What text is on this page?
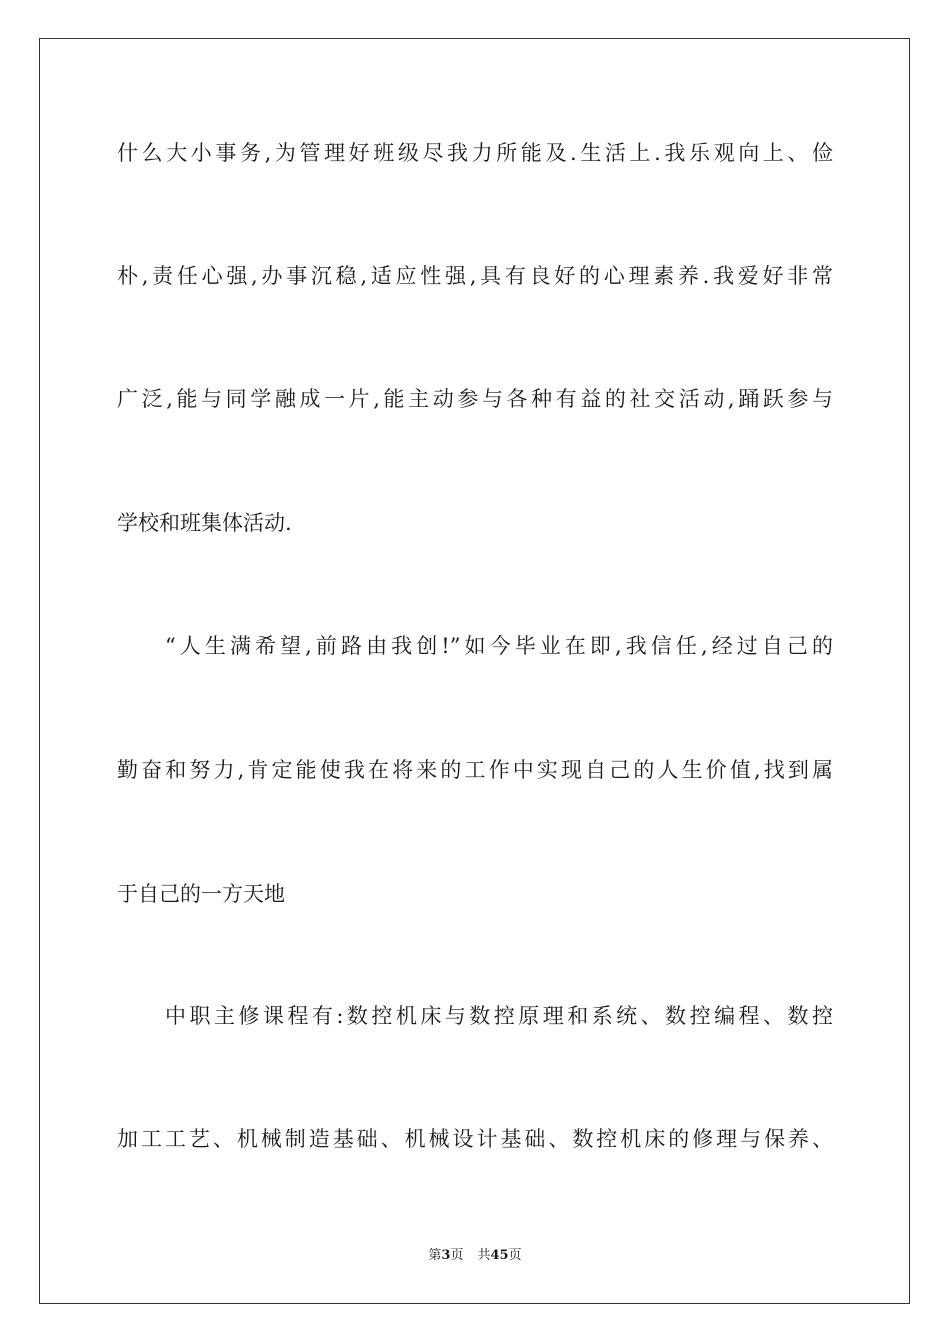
什么大小事务,为管理好班级尽我力所能及.生活上.我乐观向上、俭
朴,责任心强,办事沉稳,适应性强,具有良好的心理素养.我爱好非常
广泛,能与同学融成一片,能主动参与各种有益的社交活动,踊跃参与
学校和班集体活动.
“人生满希望,前路由我创!”如今毕业在即,我信任,经过自己的
勤奋和努力,肯定能使我在将来的工作中实现自己的人生价值,找到属
于自己的一方天地
中职主修课程有:数控机床与数控原理和系统、数控编程、数控
加工工艺、机械制造基础、机械设计基础、数控机床的修理与保养、
第3页 共45页
